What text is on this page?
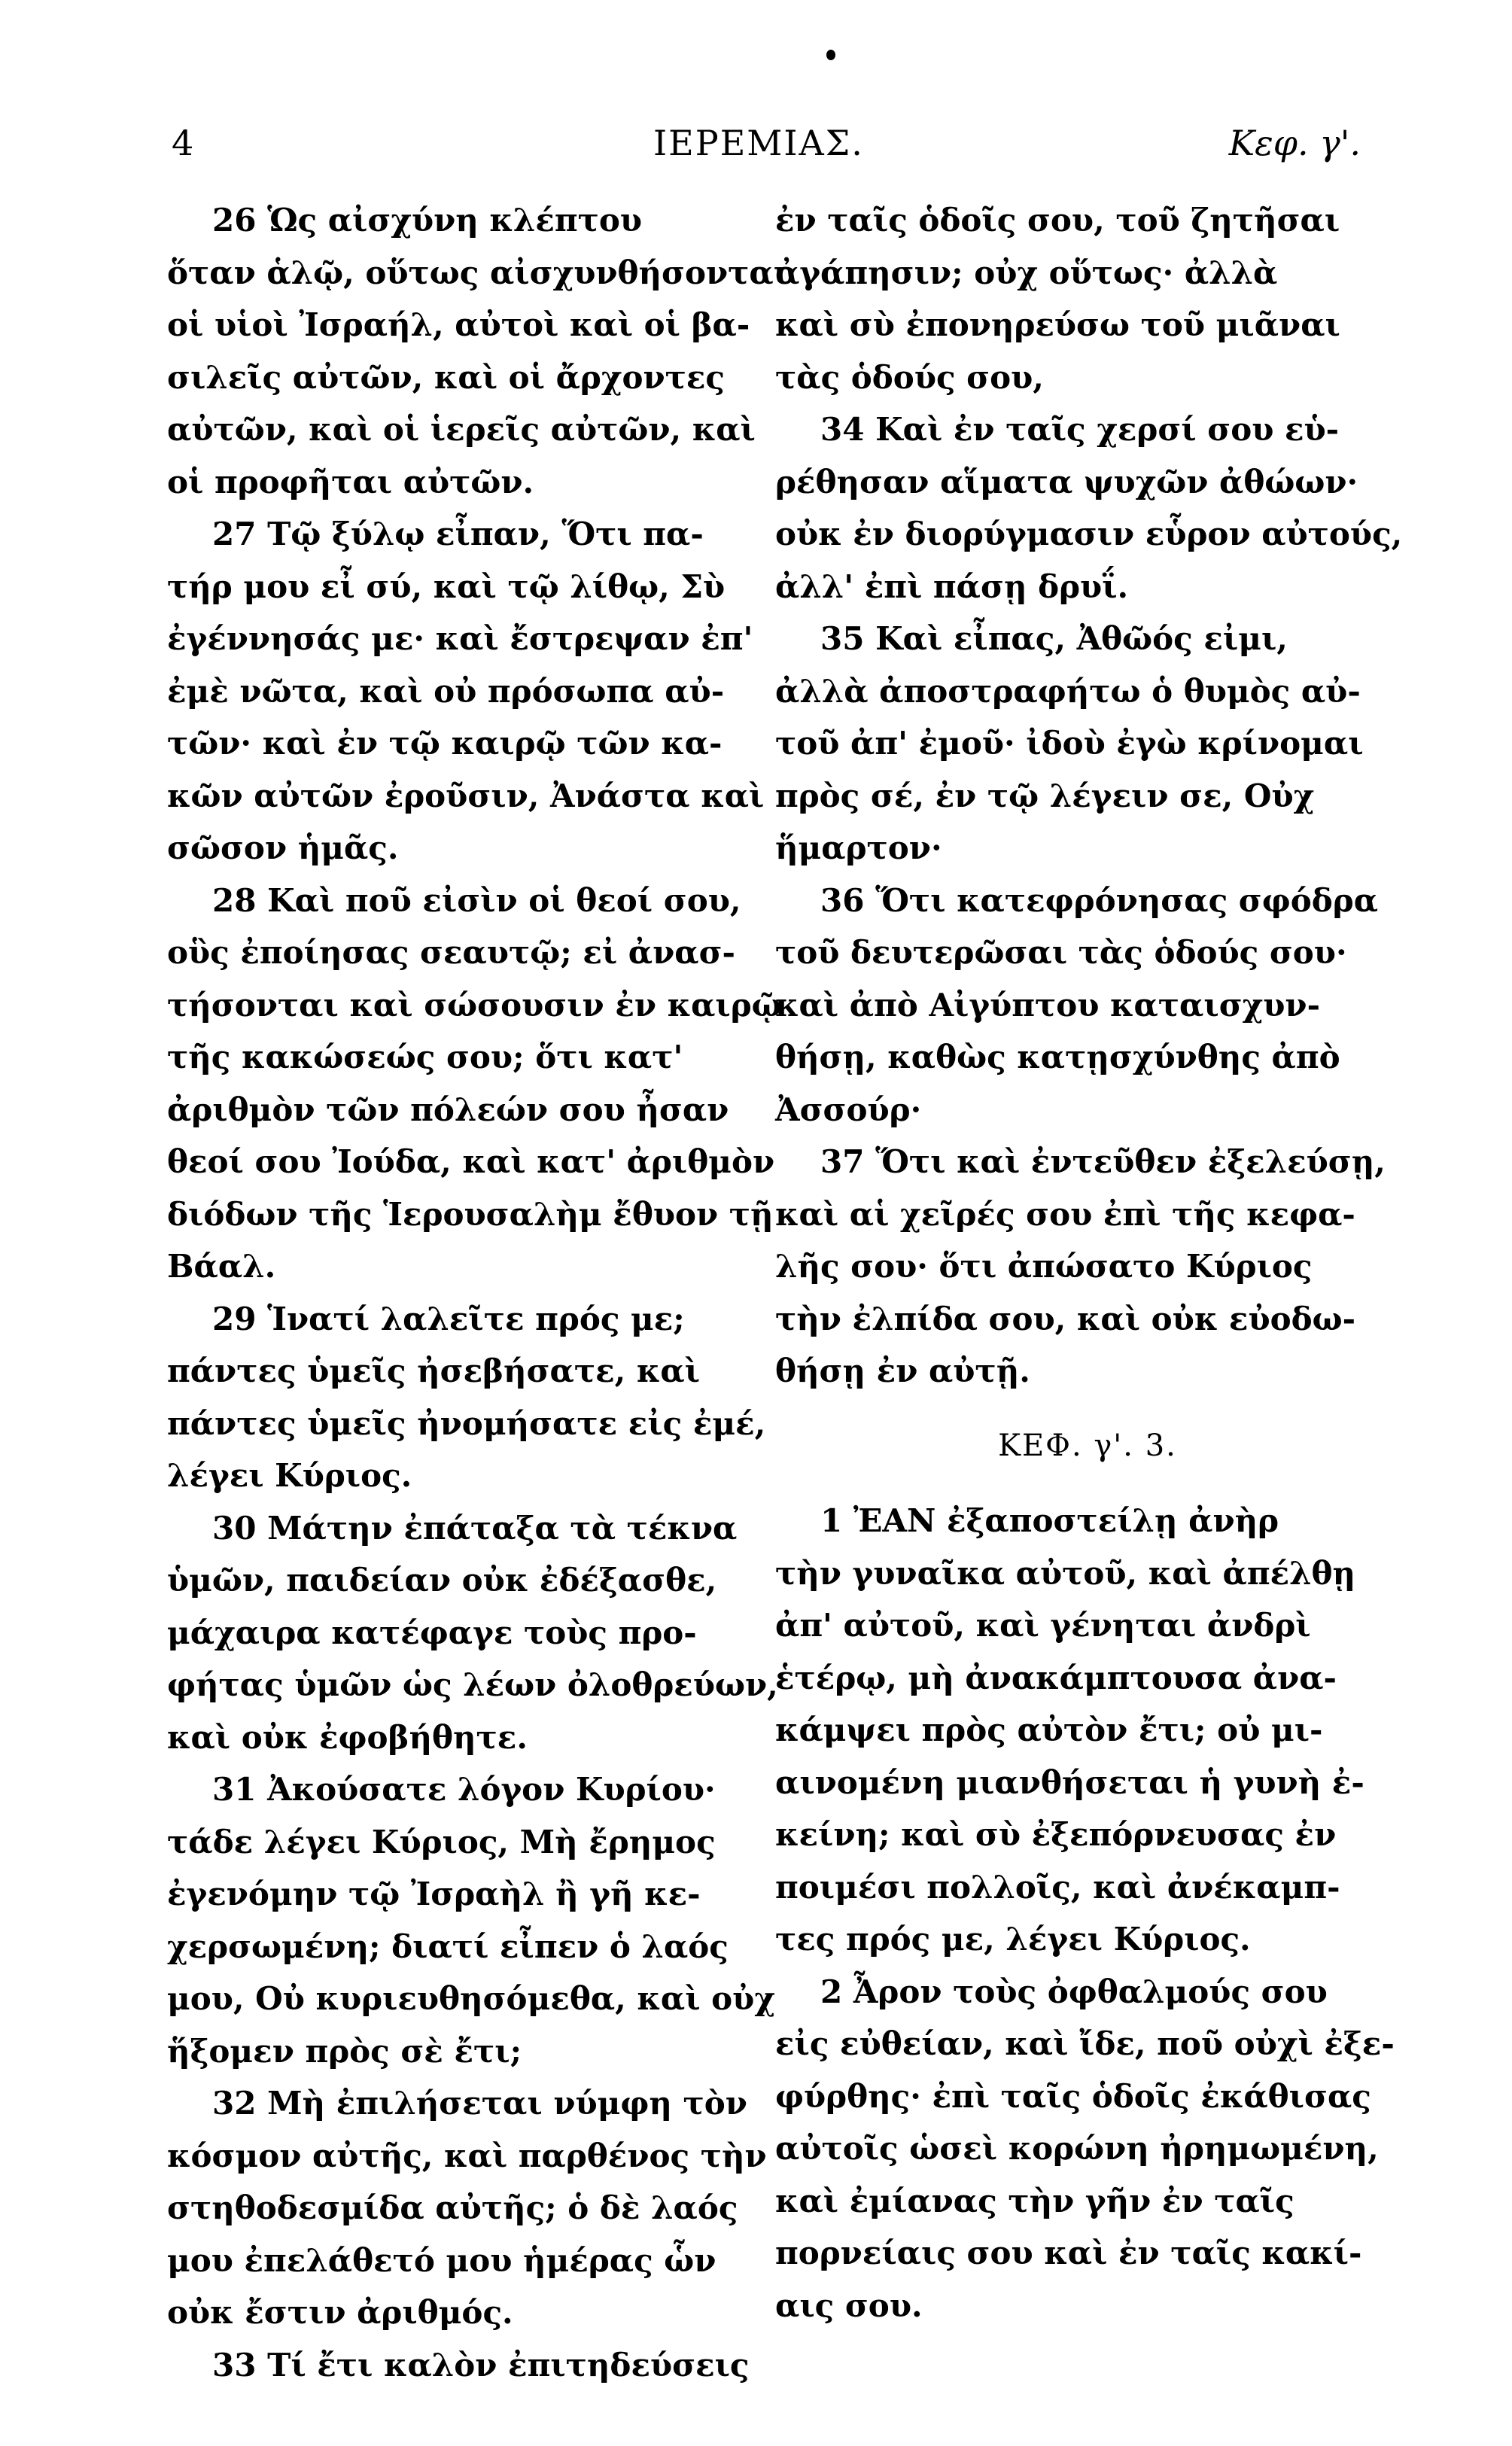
4	ΙΕΡΕΜΙΑΣ.	Κεφ. γ'.
26 Ὡς αἰσχύνη κλέπτου
ὅταν ἁλῷ, οὕτως αἰσχυνθήσονται
οἱ υἱοὶ Ἰσραήλ, αὐτοὶ καὶ οἱ βα-
σιλεῖς αὐτῶν, καὶ οἱ ἄρχοντες
αὐτῶν, καὶ οἱ ἱερεῖς αὐτῶν, καὶ
οἱ προφῆται αὐτῶν.
27 Τῷ ξύλῳ εἶπαν, Ὅτι πα-
τήρ μου εἶ σύ, καὶ τῷ λίθῳ, Σὺ
ἐγέννησάς με· καὶ ἔστρεψαν ἐπ'
ἐμὲ νῶτα, καὶ οὐ πρόσωπα αὐ-
τῶν· καὶ ἐν τῷ καιρῷ τῶν κα-
κῶν αὐτῶν ἐροῦσιν, Ἀνάστα καὶ
σῶσον ἡμᾶς.
28 Καὶ ποῦ εἰσὶν οἱ θεοί σου,
οὓς ἐποίησας σεαυτῷ; εἰ ἀνασ-
τήσονται καὶ σώσουσιν ἐν καιρῷ
τῆς κακώσεώς σου; ὅτι κατ'
ἀριθμὸν τῶν πόλεών σου ἦσαν
θεοί σου Ἰούδα, καὶ κατ' ἀριθμὸν
διόδων τῆς Ἱερουσαλὴμ ἔθυον τῇ
Βάαλ.
29 Ἱνατί λαλεῖτε πρός με;
πάντες ὑμεῖς ἠσεβήσατε, καὶ
πάντες ὑμεῖς ἠνομήσατε εἰς ἐμέ,
λέγει Κύριος.
30 Μάτην ἐπάταξα τὰ τέκνα
ὑμῶν, παιδείαν οὐκ ἐδέξασθε,
μάχαιρα κατέφαγε τοὺς προ-
φήτας ὑμῶν ὡς λέων ὀλοθρεύων,
καὶ οὐκ ἐφοβήθητε.
31 Ἀκούσατε λόγον Κυρίου·
τάδε λέγει Κύριος, Μὴ ἔρημος
ἐγενόμην τῷ Ἰσραὴλ ἢ γῆ κε-
χερσωμένη; διατί εἶπεν ὁ λαός
μου, Οὐ κυριευθησόμεθα, καὶ οὐχ
ἥξομεν πρὸς σὲ ἔτι;
32 Μὴ ἐπιλήσεται νύμφη τὸν
κόσμον αὐτῆς, καὶ παρθένος τὴν
στηθοδεσμίδα αὐτῆς; ὁ δὲ λαός
μου ἐπελάθετό μου ἡμέρας ὧν
οὐκ ἔστιν ἀριθμός.
33 Τί ἔτι καλὸν ἐπιτηδεύσεις
ἐν ταῖς ὁδοῖς σου, τοῦ ζητῆσαι
ἀγάπησιν; οὐχ οὕτως· ἀλλὰ
καὶ σὺ ἐπονηρεύσω τοῦ μιᾶναι
τὰς ὁδούς σου,
34 Καὶ ἐν ταῖς χερσί σου εὑ-
ρέθησαν αἵματα ψυχῶν ἀθώων·
οὐκ ἐν διορύγμασιν εὗρον αὐτούς,
ἀλλ' ἐπὶ πάσῃ δρυΐ.
35 Καὶ εἶπας, Ἀθῶός εἰμι,
ἀλλὰ ἀποστραφήτω ὁ θυμὸς αὐ-
τοῦ ἀπ' ἐμοῦ· ἰδοὺ ἐγὼ κρίνομαι
πρὸς σέ, ἐν τῷ λέγειν σε, Οὐχ
ἥμαρτον·
36 Ὅτι κατεφρόνησας σφόδρα
τοῦ δευτερῶσαι τὰς ὁδούς σου·
καὶ ἀπὸ Αἰγύπτου καταισχυν-
θήσῃ, καθὼς κατῃσχύνθης ἀπὸ
Ἀσσούρ·
37 Ὅτι καὶ ἐντεῦθεν ἐξελεύσῃ,
καὶ αἱ χεῖρές σου ἐπὶ τῆς κεφα-
λῆς σου· ὅτι ἀπώσατο Κύριος
τὴν ἐλπίδα σου, καὶ οὐκ εὐοδω-
θήσῃ ἐν αὐτῇ.
ΚΕΦ. γ'. 3.
1 ἘΑΝ ἐξαποστείλῃ ἀνὴρ
τὴν γυναῖκα αὐτοῦ, καὶ ἀπέλθῃ
ἀπ' αὐτοῦ, καὶ γένηται ἀνδρὶ
ἑτέρῳ, μὴ ἀνακάμπτουσα ἀνα-
κάμψει πρὸς αὐτὸν ἔτι; οὐ μι-
αινομένη μιανθήσεται ἡ γυνὴ ἐ-
κείνη; καὶ σὺ ἐξεπόρνευσας ἐν
ποιμέσι πολλοῖς, καὶ ἀνέκαμπ-
τες πρός με, λέγει Κύριος.
2 Ἆρον τοὺς ὀφθαλμούς σου
εἰς εὐθείαν, καὶ ἴδε, ποῦ οὐχὶ ἐξε-
φύρθης· ἐπὶ ταῖς ὁδοῖς ἐκάθισας
αὐτοῖς ὡσεὶ κορώνη ἠρημωμένη,
καὶ ἐμίανας τὴν γῆν ἐν ταῖς
πορνείαις σου καὶ ἐν ταῖς κακί-
αις σου.
